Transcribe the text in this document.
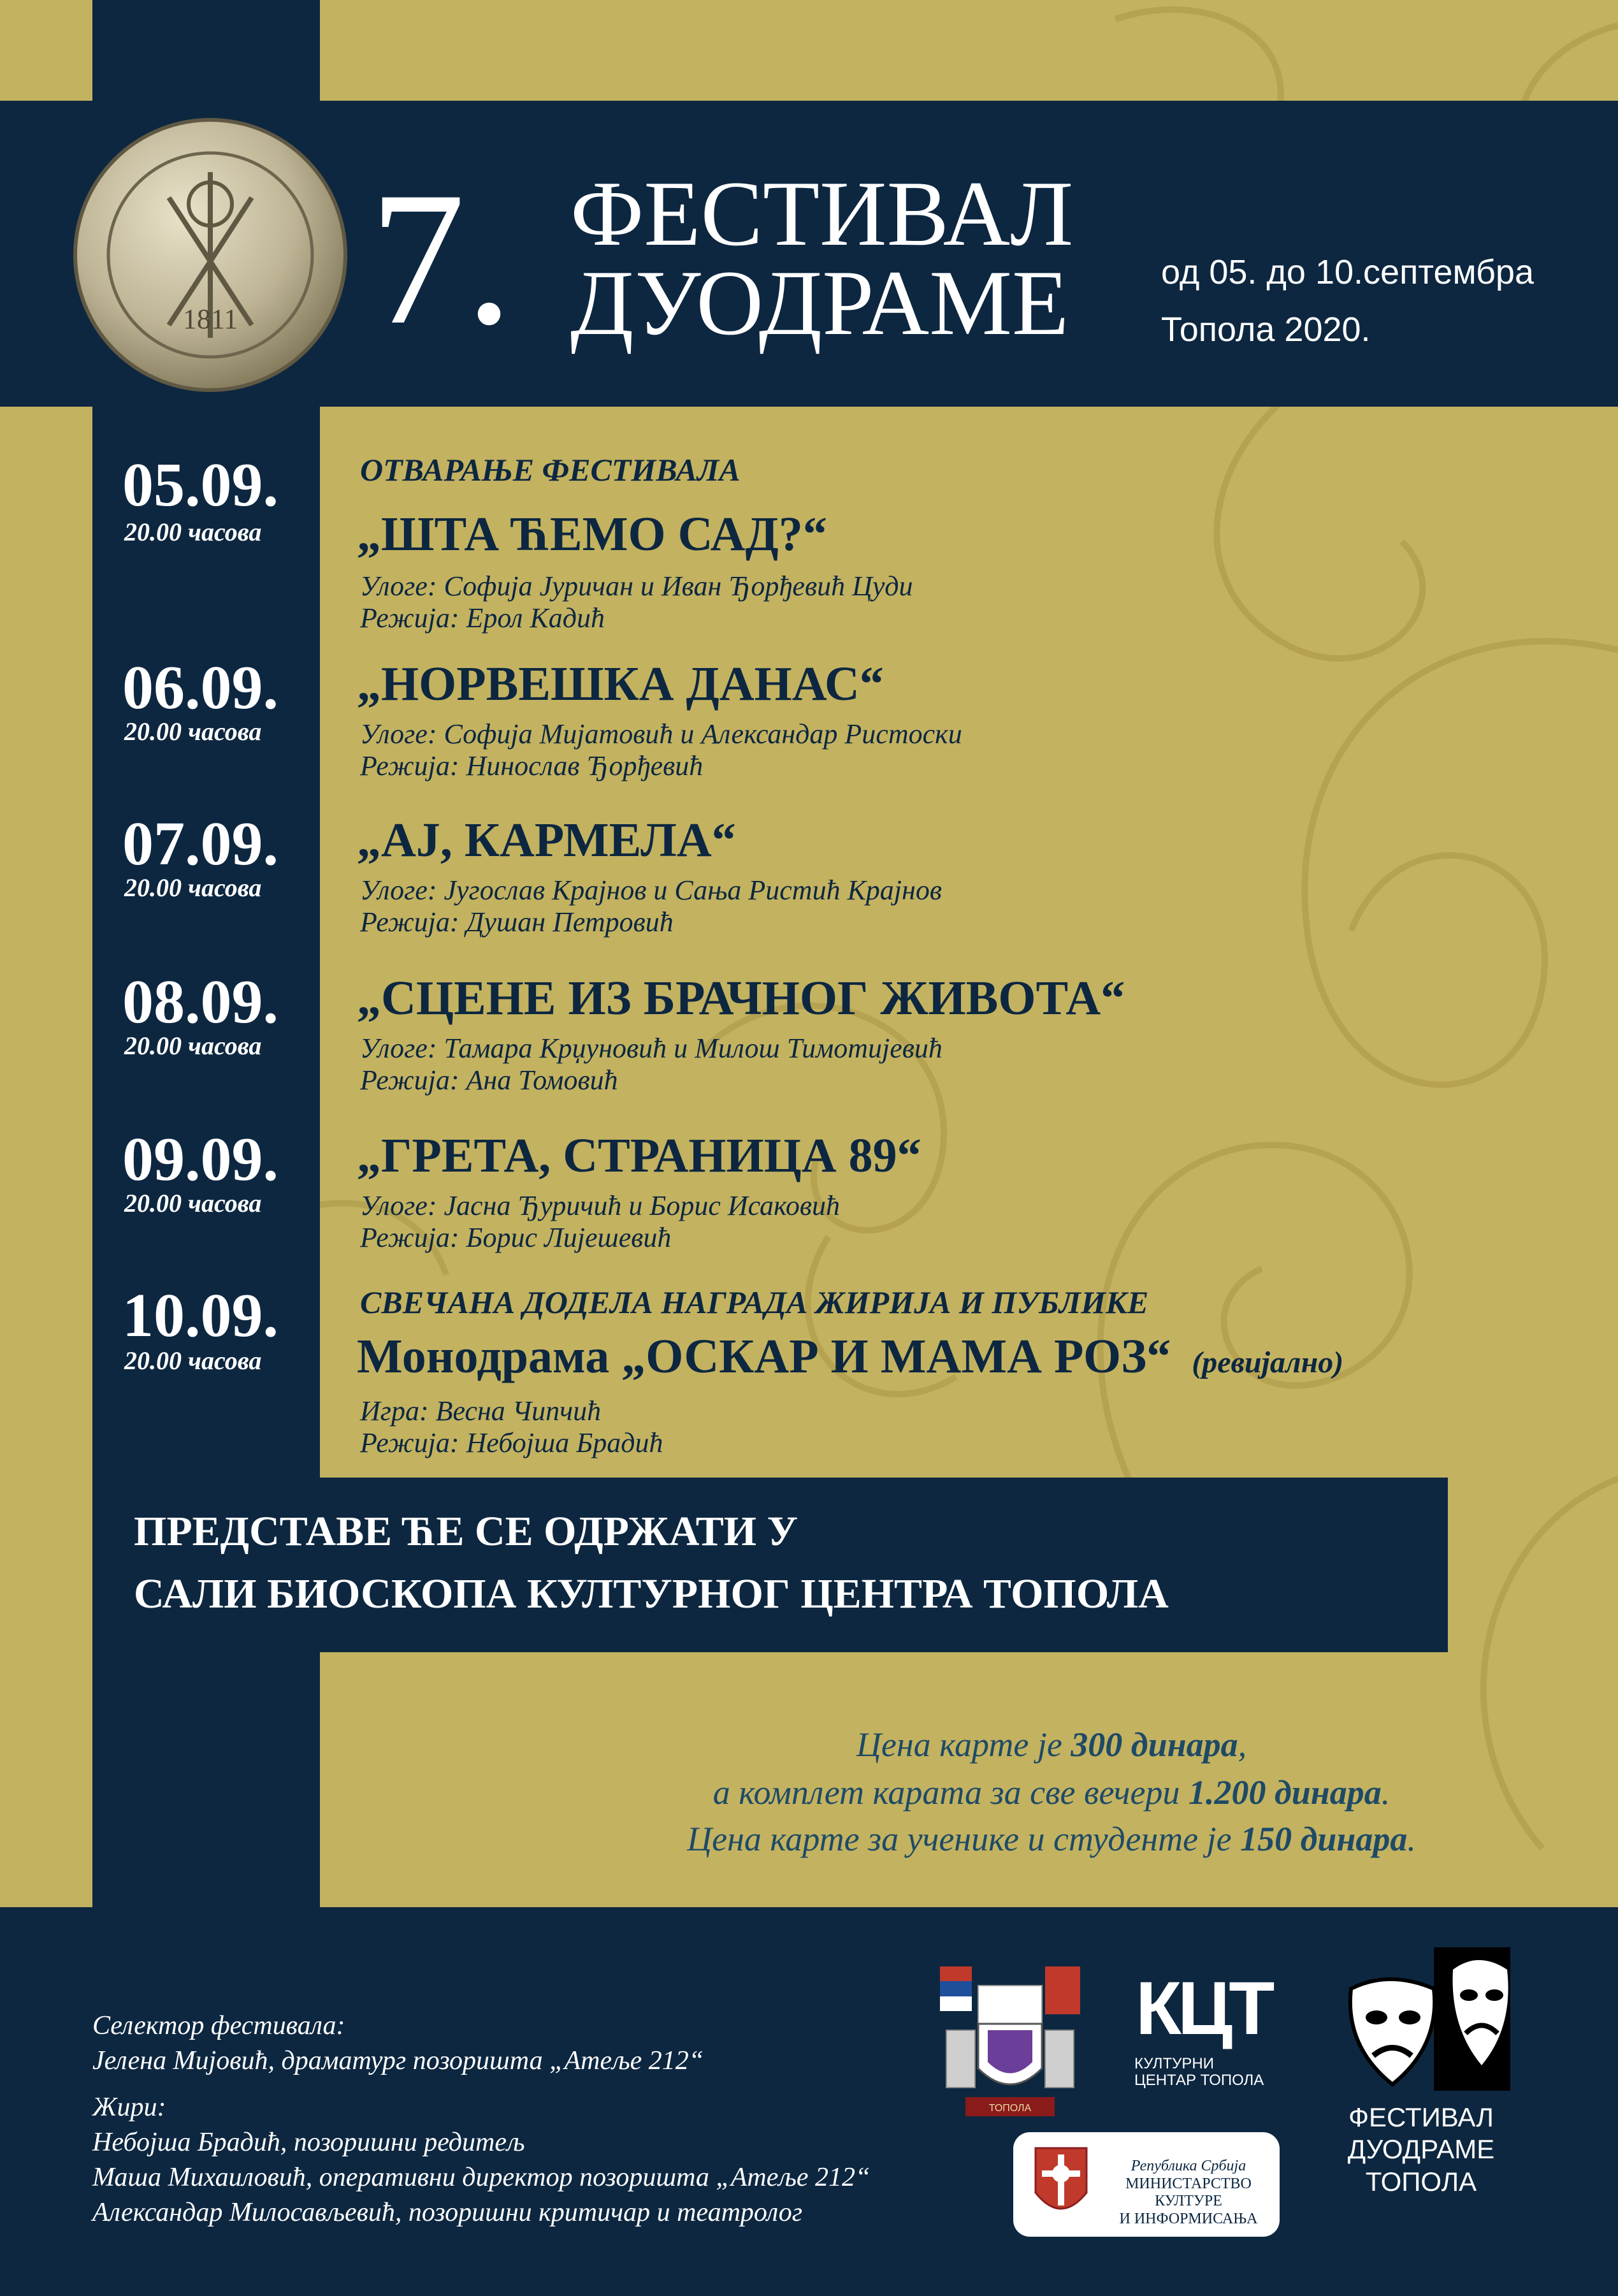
1811 7. ФЕСТИВАЛ
ДУОДРАМЕ	од 05. до 10.септембра
Топола 2020.
05.09.
20.00 часова
ОТВАРАЊЕ ФЕСТИВАЛА
„ШТА ЋЕМО САД?“
Улоге: Софија Јуричан и Иван Ђорђевић Цуди
Режија: Ерол Кадић
06.09.
20.00 часова
„НОРВЕШКА ДАНАС“
Улоге: Софија Мијатовић и Александар Ристоски
Режија: Нинослав Ђорђевић
07.09.
20.00 часова
„АЈ, КАРМЕЛА“
Улоге: Југослав Крајнов и Сања Ристић Крајнов
Режија: Душан Петровић
08.09.
20.00 часова
„СЦЕНЕ ИЗ БРАЧНОГ ЖИВОТА“
Улоге: Тамара Крџуновић и Милош Тимотијевић
Режија: Ана Томовић
09.09.
20.00 часова
„ГРЕТА, СТРАНИЦА 89“
Улоге: Јасна Ђуричић и Борис Исаковић
Режија: Борис Лијешевић
10.09.
20.00 часова
СВЕЧАНА ДОДЕЛА НАГРАДА ЖИРИЈА И ПУБЛИКЕ
Монодрама „ОСКАР И МАМА РОЗ“ (ревијално)
Игра: Весна Чипчић
Режија: Небојша Брадић
ПРЕДСТАВЕ ЋЕ СЕ ОДРЖАТИ У
САЛИ БИОСКОПА КУЛТУРНОГ ЦЕНТРА ТОПОЛА
Цена карте је 300 динара,
а комплет карата за све вечери 1.200 динара.
Цена карте за ученике и студенте је 150 динара.
Селектор фестивала:
Јелена Мијовић, драматург позоришта „Атеље 212“
Жири:
Небојша Брадић, позоришни редитељ
Маша Михаиловић, оперативни директор позоришта „Атеље 212“
Александар Милосављевић, позоришни критичар и театролог
ТОПОЛА
КЦТ
КУЛТУРНИ ЦЕНТАР ТОПОЛА
Република Србија
МИНИСТАРСТВО КУЛТУРЕ
И ИНФОРМИСАЊА
ФЕСТИВАЛ
ДУОДРАМЕ
ТОПОЛА
